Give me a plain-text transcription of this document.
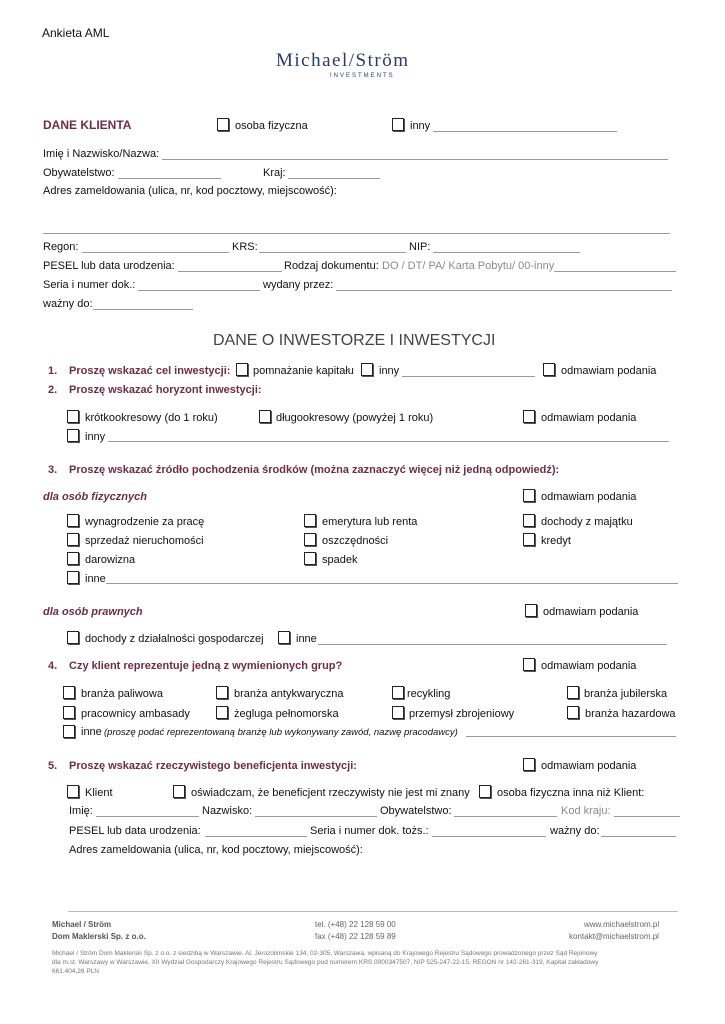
Ankieta AML
Michael/Ström
INVESTMENTS
DANE KLIENTA	osoba fizyczna	inny
Imię i Nazwisko/Nazwa:
Obywatelstwo:	Kraj:
Adres zameldowania (ulica, nr, kod pocztowy, miejscowość):
Regon:	KRS:	NIP:
PESEL lub data urodzenia:	Rodzaj dokumentu: DO / DT/ PA/ Karta Pobytu/ 00-inny
Seria i numer dok.:	wydany przez:
ważny do:
DANE O INWESTORZE I INWESTYCJI
1. Proszę wskazać cel inwestycji: pomnażanie kapitału inny	odmawiam podania
2. Proszę wskazać horyzont inwestycji:
krótkookresowy (do 1 roku)	długookresowy (powyżej 1 roku)	odmawiam podania
inny
3. Proszę wskazać źródło pochodzenia środków (można zaznaczyć więcej niż jedną odpowiedź):
dla osób fizycznych	odmawiam podania
wynagrodzenie za pracę	emerytura lub renta	dochody z majątku
sprzedaż nieruchomości	oszczędności	kredyt
darowizna	spadek
inne
dla osób prawnych	odmawiam podania
dochody z działalności gospodarczej	inne
4. Czy klient reprezentuje jedną z wymienionych grup?	odmawiam podania
branża paliwowa	branża antykwaryczna	recykling	branża jubilerska
pracownicy ambasady	żegluga pełnomorska	przemysł zbrojeniowy	branża hazardowa
inne (proszę podać reprezentowaną branżę lub wykonywany zawód, nazwę pracodawcy)
5. Proszę wskazać rzeczywistego beneficjenta inwestycji:	odmawiam podania
Klient	oświadczam, że beneficjent rzeczywisty nie jest mi znany osoba fizyczna inna niż Klient:
Imię:	Nazwisko:	Obywatelstwo:	Kod kraju:
PESEL lub data urodzenia:	Seria i numer dok. tożs.:	ważny do:
Adres zameldowania (ulica, nr, kod pocztowy, miejscowość):
Michael / Ström
Dom Maklerski Sp. z o.o.
tel. (+48) 22 128 59 00
fax (+48) 22 128 59 89
www.michaelstrom.pl
kontakt@michaelstrom.pl
Michael / Ström Dom Maklerski Sp. z o.o. z siedzibą w Warszawie, Al. Jerozolimskie 134, 02-305, Warszawa, wpisaną do Krajowego Rejestru Sądowego prowadzonego przez Sąd Rejonowy
dla m.st. Warszawy w Warszawie, XII Wydział Gospodarczy Krajowego Rejestru Sądowego pod numerem KRS 0000347507, NIP 525-247-22-15, REGON nr 142-261-319, Kapitał zakładowy
661.404,26 PLN
